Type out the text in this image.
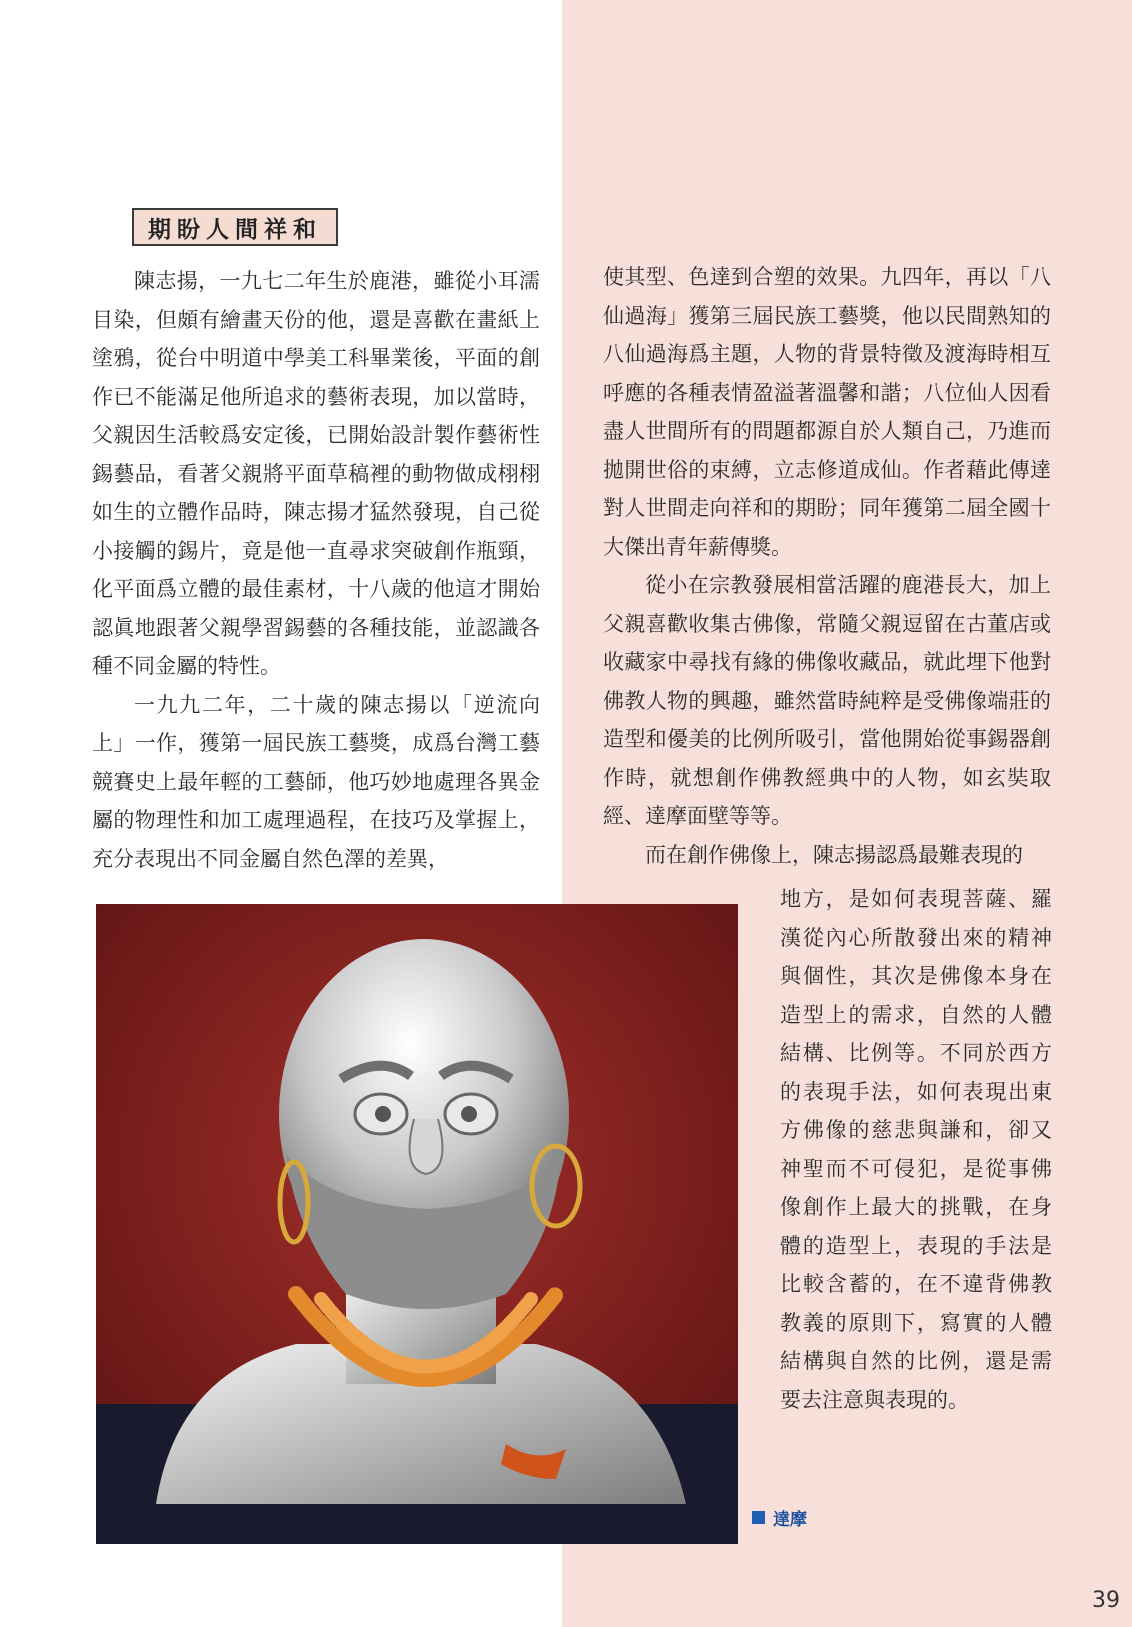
期盼人間祥和

陳志揚，一九七二年生於鹿港，雖從小耳濡目染，但頗有繪畫天份的他，還是喜歡在畫紙上塗鴉，從台中明道中學美工科畢業後，平面的創作已不能滿足他所追求的藝術表現，加以當時，父親因生活較爲安定後，已開始設計製作藝術性錫藝品，看著父親將平面草稿裡的動物做成栩栩如生的立體作品時，陳志揚才猛然發現，自己從小接觸的錫片，竟是他一直尋求突破創作瓶頸，化平面爲立體的最佳素材，十八歲的他這才開始認眞地跟著父親學習錫藝的各種技能，並認識各種不同金屬的特性。

一九九二年，二十歲的陳志揚以「逆流向上」一作，獲第一屆民族工藝獎，成爲台灣工藝競賽史上最年輕的工藝師，他巧妙地處理各異金屬的物理性和加工處理過程，在技巧及掌握上，充分表現出不同金屬自然色澤的差異，

使其型、色達到合塑的效果。九四年，再以「八仙過海」獲第三屆民族工藝獎，他以民間熟知的八仙過海爲主題，人物的背景特徵及渡海時相互呼應的各種表情盈溢著溫馨和諧；八位仙人因看盡人世間所有的問題都源自於人類自己，乃進而拋開世俗的束縛，立志修道成仙。作者藉此傳達對人世間走向祥和的期盼；同年獲第二屆全國十大傑出青年薪傳獎。

從小在宗教發展相當活躍的鹿港長大，加上父親喜歡收集古佛像，常隨父親逗留在古董店或收藏家中尋找有緣的佛像收藏品，就此埋下他對佛教人物的興趣，雖然當時純粹是受佛像端莊的造型和優美的比例所吸引，當他開始從事錫器創作時，就想創作佛教經典中的人物，如玄奘取經、達摩面壁等等。

而在創作佛像上，陳志揚認爲最難表現的

地方，是如何表現菩薩、羅漢從內心所散發出來的精神與個性，其次是佛像本身在造型上的需求，自然的人體結構、比例等。不同於西方的表現手法，如何表現出東方佛像的慈悲與謙和，卻又神聖而不可侵犯，是從事佛像創作上最大的挑戰，在身體的造型上，表現的手法是比較含蓄的，在不違背佛教教義的原則下，寫實的人體結構與自然的比例，還是需要去注意與表現的。

達摩
39
